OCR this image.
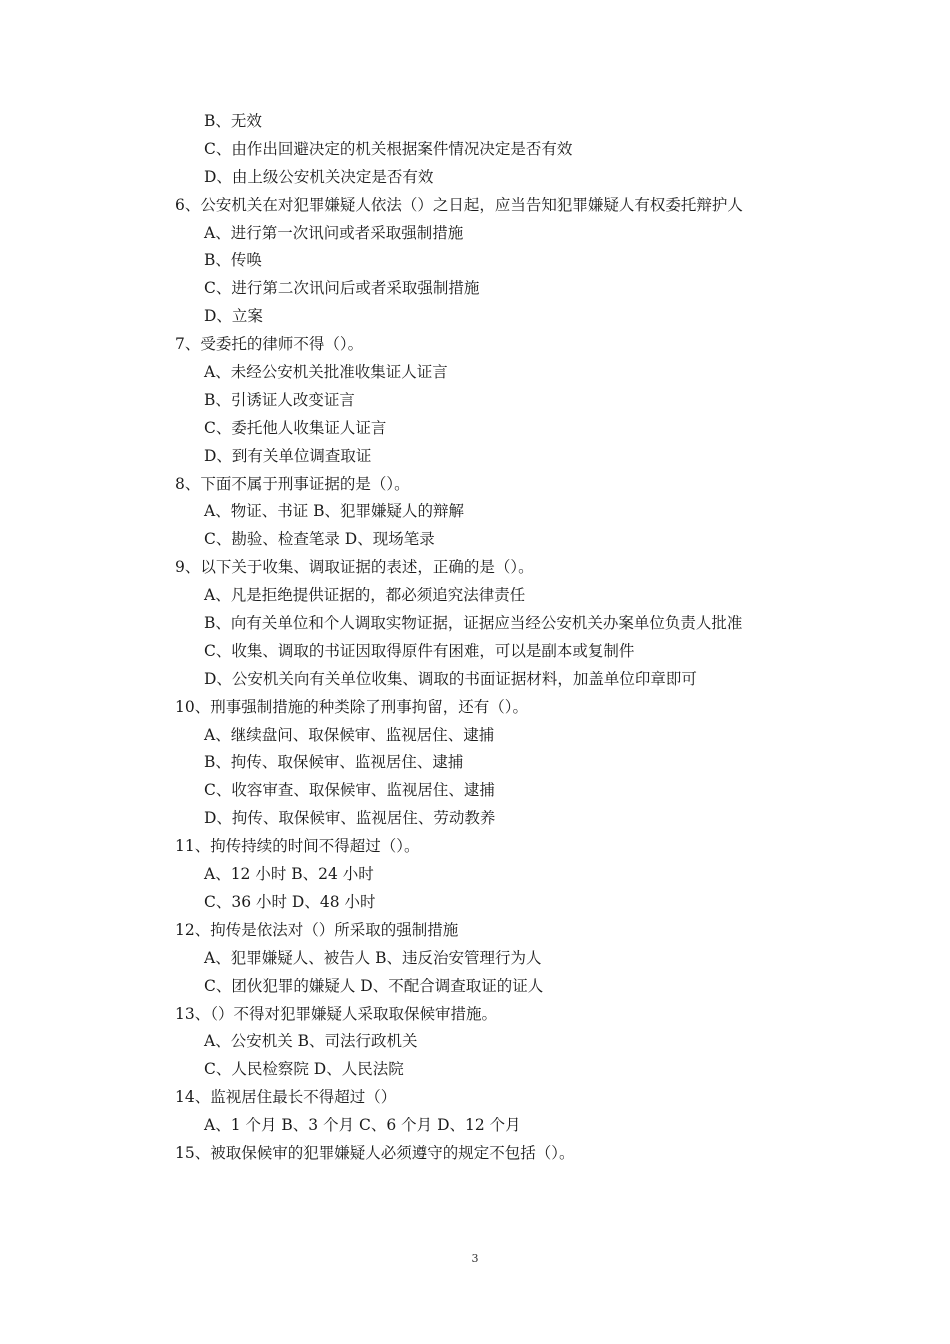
B、无效
C、由作出回避决定的机关根据案件情况决定是否有效
D、由上级公安机关决定是否有效
6、公安机关在对犯罪嫌疑人依法（）之日起，应当告知犯罪嫌疑人有权委托辩护人
A、进行第一次讯问或者采取强制措施
B、传唤
C、进行第二次讯问后或者采取强制措施
D、立案
7、受委托的律师不得（）。
A、未经公安机关批准收集证人证言
B、引诱证人改变证言
C、委托他人收集证人证言
D、到有关单位调查取证
8、下面不属于刑事证据的是（）。
A、物证、书证 B、犯罪嫌疑人的辩解
C、勘验、检查笔录 D、现场笔录
9、以下关于收集、调取证据的表述，正确的是（）。
A、凡是拒绝提供证据的，都必须追究法律责任
B、向有关单位和个人调取实物证据，证据应当经公安机关办案单位负责人批准
C、收集、调取的书证因取得原件有困难，可以是副本或复制件
D、公安机关向有关单位收集、调取的书面证据材料，加盖单位印章即可
10、刑事强制措施的种类除了刑事拘留，还有（）。
A、继续盘问、取保候审、监视居住、逮捕
B、拘传、取保候审、监视居住、逮捕
C、收容审查、取保候审、监视居住、逮捕
D、拘传、取保候审、监视居住、劳动教养
11、拘传持续的时间不得超过（）。
A、12 小时 B、24 小时
C、36 小时 D、48 小时
12、拘传是依法对（）所采取的强制措施
A、犯罪嫌疑人、被告人 B、违反治安管理行为人
C、团伙犯罪的嫌疑人 D、不配合调查取证的证人
13、（）不得对犯罪嫌疑人采取取保候审措施。
A、公安机关 B、司法行政机关
C、人民检察院 D、人民法院
14、监视居住最长不得超过（）
A、1 个月 B、3 个月 C、6 个月 D、12 个月
15、被取保候审的犯罪嫌疑人必须遵守的规定不包括（）。
3
